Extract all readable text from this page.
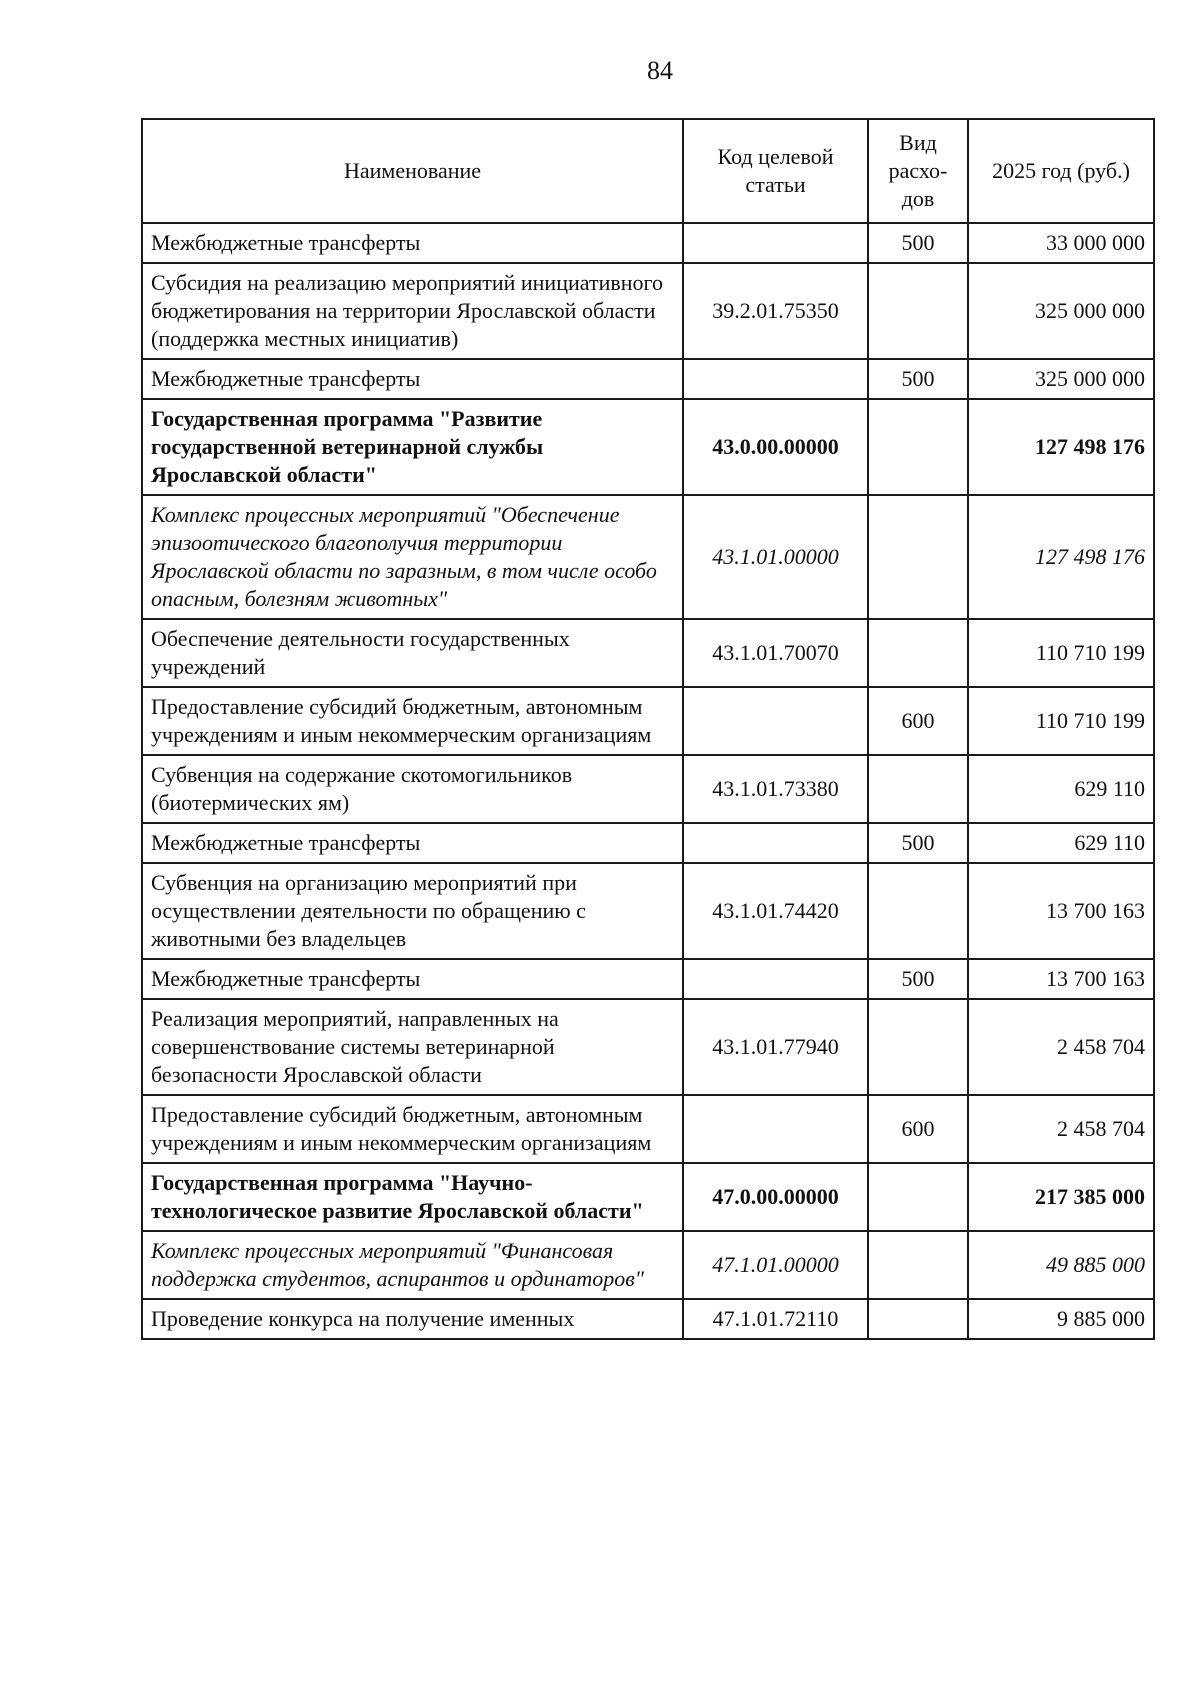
84
Наименование	Код целевой статьи	Вид расхо-дов	2025 год (руб.)
Межбюджетные трансферты		500	33 000 000
Субсидия на реализацию мероприятий инициативного бюджетирования на территории Ярославской области (поддержка местных инициатив)	39.2.01.75350		325 000 000
Межбюджетные трансферты		500	325 000 000
Государственная программа "Развитие государственной ветеринарной службы Ярославской области"	43.0.00.00000		127 498 176
Комплекс процессных мероприятий "Обеспечение эпизоотического благополучия территории Ярославской области по заразным, в том числе особо опасным, болезням животных"	43.1.01.00000		127 498 176
Обеспечение деятельности государственных учреждений	43.1.01.70070		110 710 199
Предоставление субсидий бюджетным, автономным учреждениям и иным некоммерческим организациям		600	110 710 199
Субвенция на содержание скотомогильников (биотермических ям)	43.1.01.73380		629 110
Межбюджетные трансферты		500	629 110
Субвенция на организацию мероприятий при осуществлении деятельности по обращению с животными без владельцев	43.1.01.74420		13 700 163
Межбюджетные трансферты		500	13 700 163
Реализация мероприятий, направленных на совершенствование системы ветеринарной безопасности Ярославской области	43.1.01.77940		2 458 704
Предоставление субсидий бюджетным, автономным учреждениям и иным некоммерческим организациям		600	2 458 704
Государственная программа "Научно-технологическое развитие Ярославской области"	47.0.00.00000		217 385 000
Комплекс процессных мероприятий "Финансовая поддержка студентов, аспирантов и ординаторов"	47.1.01.00000		49 885 000
Проведение конкурса на получение именных	47.1.01.72110		9 885 000
